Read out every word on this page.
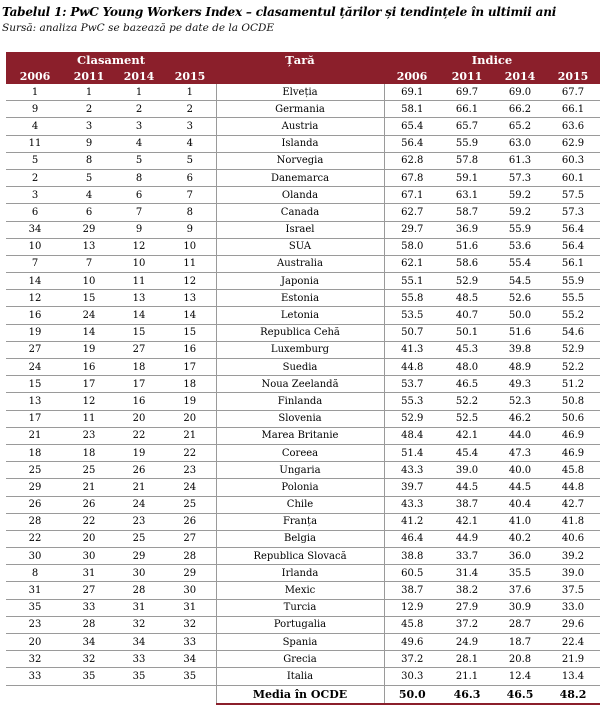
Tabelul 1: PwC Young Workers Index – clasamentul țărilor și tendințele în ultimii ani
Sursă: analiza PwC se bazează pe date de la OCDE
Clasament				Țară	Indice			
2006	2011	2014	2015		2006	2011	2014	2015
1	1	1	1	Elveția	69.1	69.7	69.0	67.7
9	2	2	2	Germania	58.1	66.1	66.2	66.1
4	3	3	3	Austria	65.4	65.7	65.2	63.6
11	9	4	4	Islanda	56.4	55.9	63.0	62.9
5	8	5	5	Norvegia	62.8	57.8	61.3	60.3
2	5	8	6	Danemarca	67.8	59.1	57.3	60.1
3	4	6	7	Olanda	67.1	63.1	59.2	57.5
6	6	7	8	Canada	62.7	58.7	59.2	57.3
34	29	9	9	Israel	29.7	36.9	55.9	56.4
10	13	12	10	SUA	58.0	51.6	53.6	56.4
7	7	10	11	Australia	62.1	58.6	55.4	56.1
14	10	11	12	Japonia	55.1	52.9	54.5	55.9
12	15	13	13	Estonia	55.8	48.5	52.6	55.5
16	24	14	14	Letonia	53.5	40.7	50.0	55.2
19	14	15	15	Republica Cehă	50.7	50.1	51.6	54.6
27	19	27	16	Luxemburg	41.3	45.3	39.8	52.9
24	16	18	17	Suedia	44.8	48.0	48.9	52.2
15	17	17	18	Noua Zeelandă	53.7	46.5	49.3	51.2
13	12	16	19	Finlanda	55.3	52.2	52.3	50.8
17	11	20	20	Slovenia	52.9	52.5	46.2	50.6
21	23	22	21	Marea Britanie	48.4	42.1	44.0	46.9
18	18	19	22	Coreea	51.4	45.4	47.3	46.9
25	25	26	23	Ungaria	43.3	39.0	40.0	45.8
29	21	21	24	Polonia	39.7	44.5	44.5	44.8
26	26	24	25	Chile	43.3	38.7	40.4	42.7
28	22	23	26	Franța	41.2	42.1	41.0	41.8
22	20	25	27	Belgia	46.4	44.9	40.2	40.6
30	30	29	28	Republica Slovacă	38.8	33.7	36.0	39.2
8	31	30	29	Irlanda	60.5	31.4	35.5	39.0
31	27	28	30	Mexic	38.7	38.2	37.6	37.5
35	33	31	31	Turcia	12.9	27.9	30.9	33.0
23	28	32	32	Portugalia	45.8	37.2	28.7	29.6
20	34	34	33	Spania	49.6	24.9	18.7	22.4
32	32	33	34	Grecia	37.2	28.1	20.8	21.9
33	35	35	35	Italia	30.3	21.1	12.4	13.4
				Media în OCDE	50.0	46.3	46.5	48.2
